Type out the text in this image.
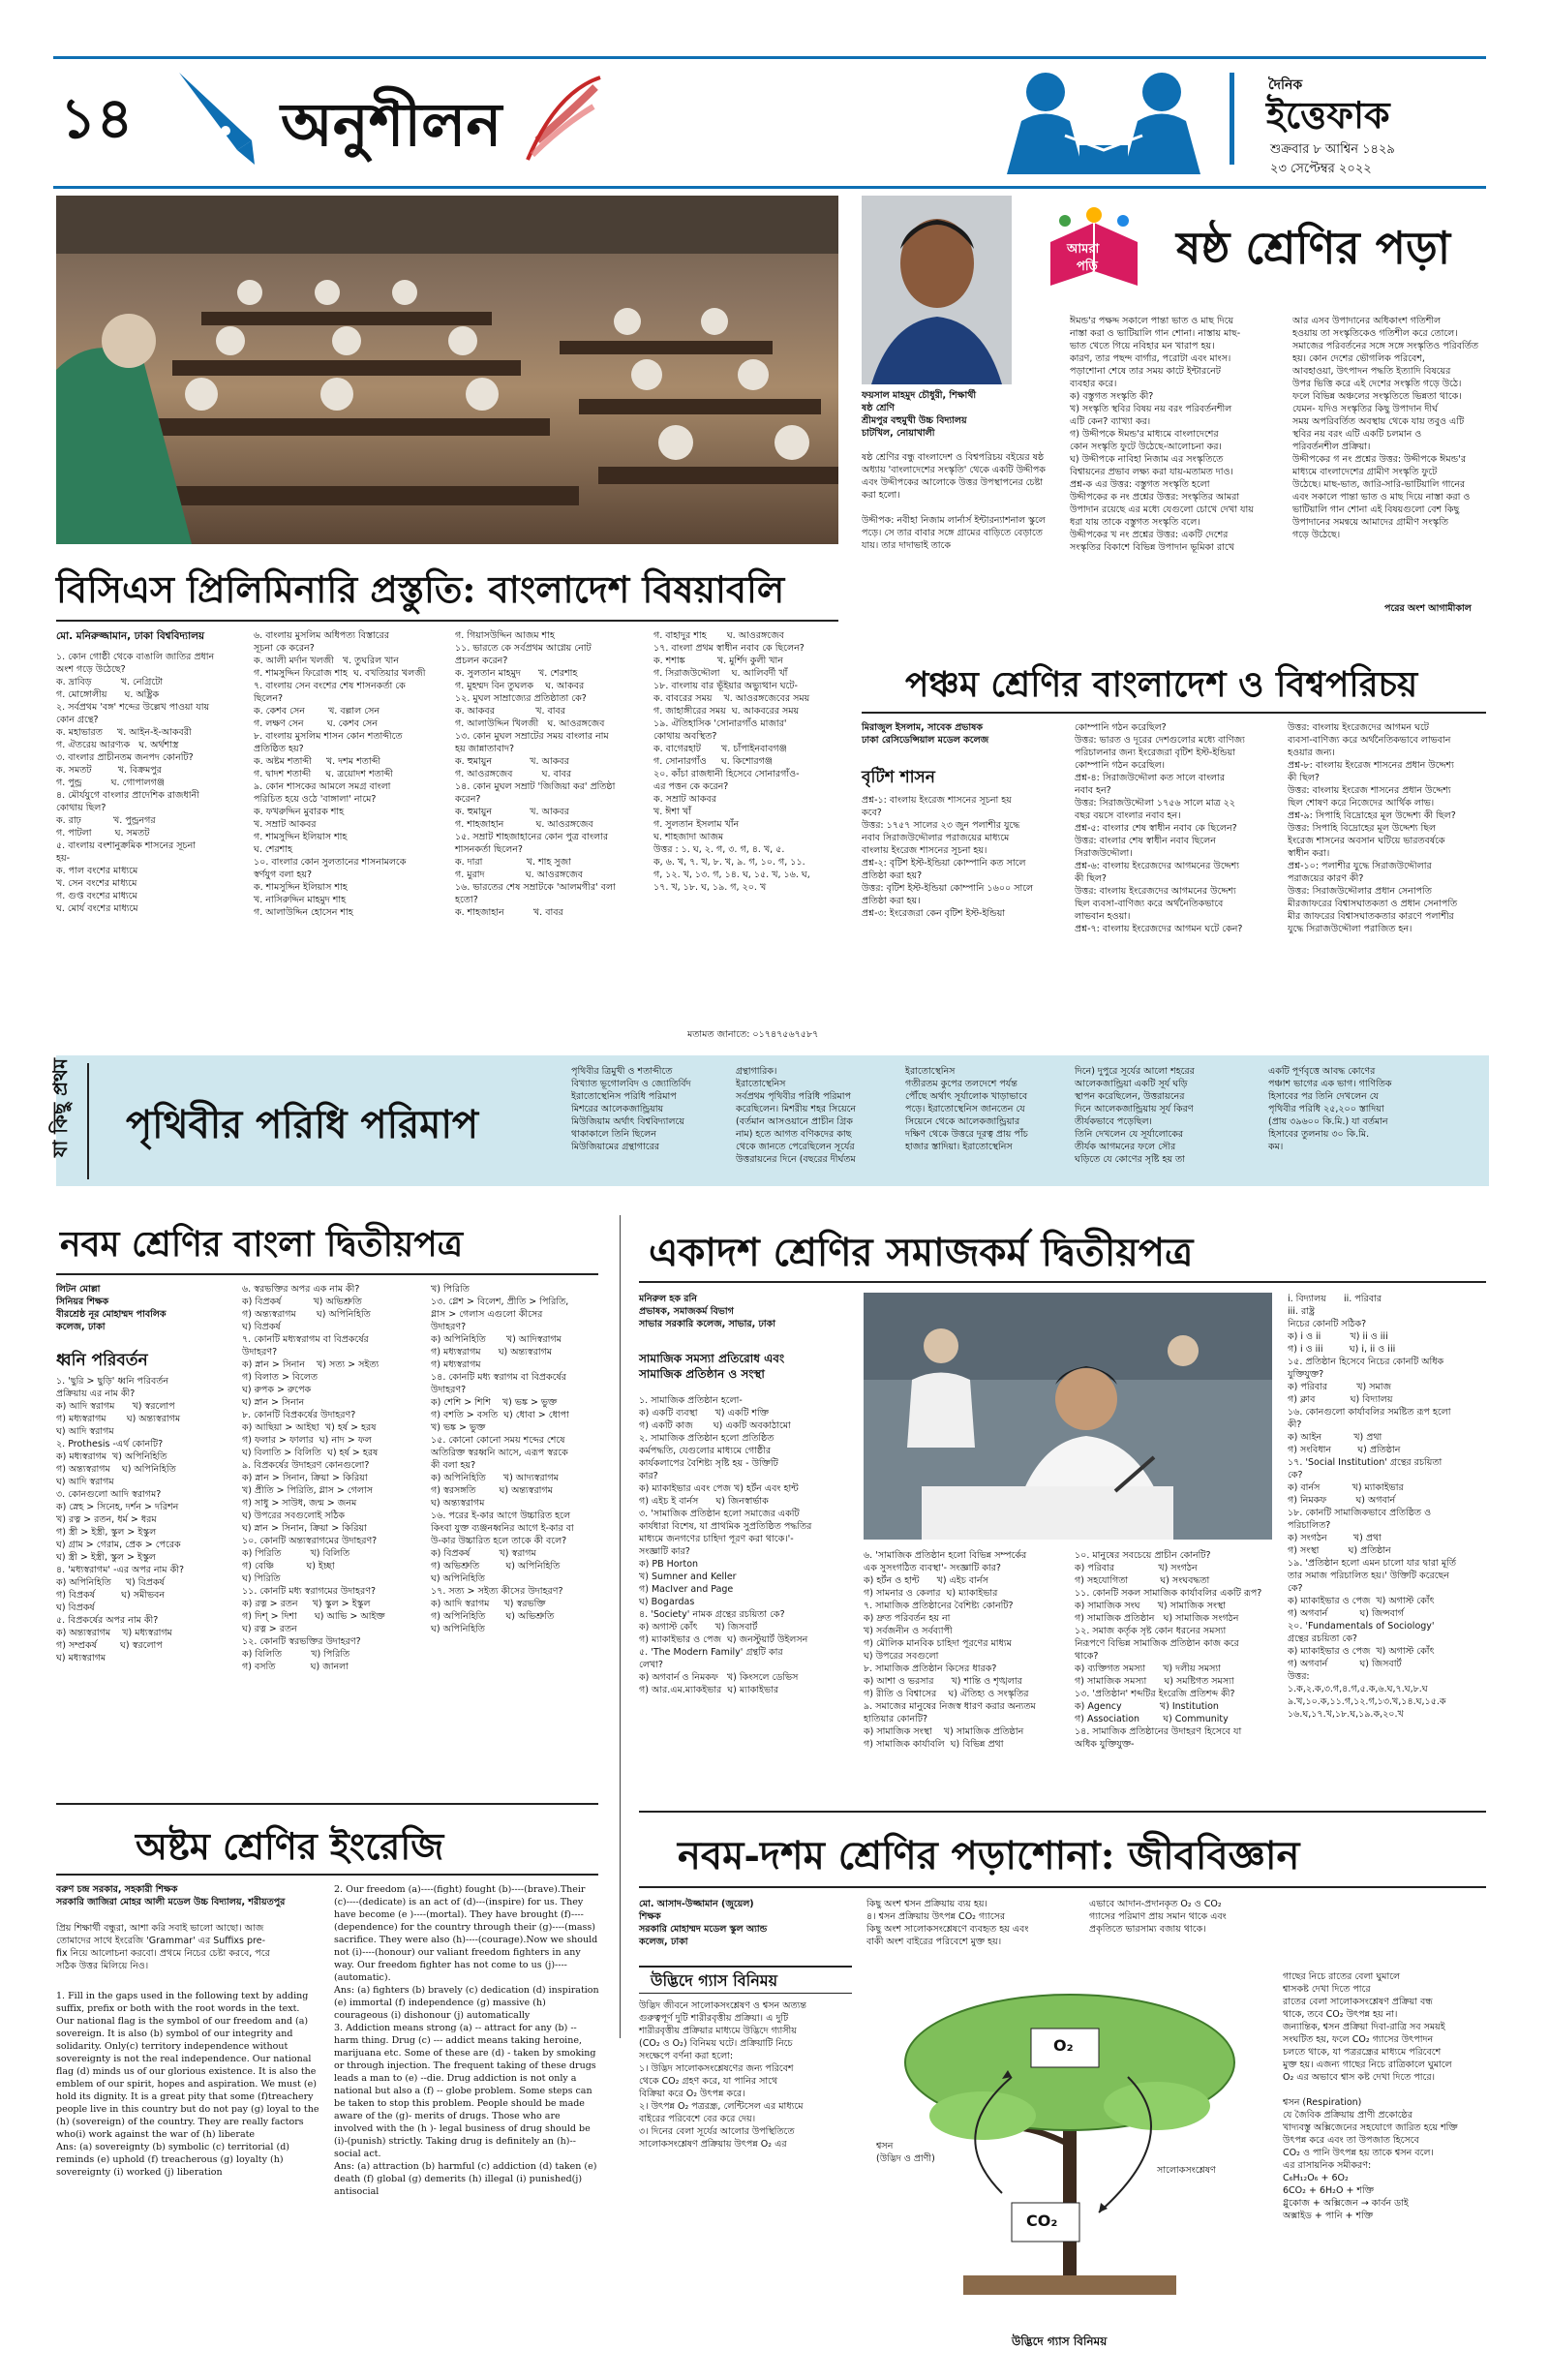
১৪ অনুশীলন
দৈনিক
ইত্তেফাক
শুক্রবার ৮ আশ্বিন ১৪২৯
২৩ সেপ্টেম্বর ২০২২
বিসিএস প্রিলিমিনারি প্রস্তুতি: বাংলাদেশ বিষয়াবলি
মো. মনিরুজ্জামান, ঢাকা বিশ্ববিদ্যালয়
১. কোন গোষ্ঠী থেকে বাঙালি জাতির প্রধান
অংশ গড়ে উঠেছে?
ক. দ্রাবিড়          খ. নেগ্রিটো
গ. মোঙ্গোলীয়      ঘ. অষ্ট্রিক
২. সর্বপ্রথম 'বঙ্গ' শব্দের উল্লেখ পাওয়া যায়
কোন গ্রন্থে?
ক. মহাভারত     খ. আইন-ই-আকবরী
গ. ঐতরেয় আরণ্যক   ঘ. অর্থশাস্ত্র
৩. বাংলার প্রাচীনতম জনপদ কোনটি?
ক. সমতট         খ. বিক্রমপুর
গ. পুন্ড্র          ঘ. গোপালগঞ্জ
৪. মৌর্যযুগে বাংলার প্রাদেশিক রাজধানী
কোথায় ছিল?
ক. রাঢ়           খ. পুন্ড্রনগর
গ. পাটলা        ঘ. সমতট
৫. বাংলায় বংশানুক্রমিক শাসনের সূচনা
হয়-
ক. পাল বংশের মাধ্যমে
খ. সেন বংশের মাধ্যমে
গ. গুপ্ত বংশের মাধ্যমে
ঘ. মোর্য বংশের মাধ্যমে
৬. বাংলায় মুসলিম অধিপত্য বিস্তারের
সূচনা কে করেন?
ক. আলী মর্দান খলজী   খ. তুঘরিল খান
গ. শামসুদ্দিন ফিরোজ শাহ  ঘ. বখতিয়ার খলজী
৭. বাংলায় সেন বংশের শেষ শাসনকর্তা কে
ছিলেন?
ক. কেশব সেন        খ. বল্লাল সেন
গ. লক্ষণ সেন        ঘ. কেশব সেন
৮. বাংলায় মুসলিম শাসন কোন শতাব্দীতে
প্রতিষ্ঠিত হয়?
ক. অষ্টম শতাব্দী     খ. দশম শতাব্দী
গ. দ্বাদশ শতাব্দী     ঘ. ত্রয়োদশ শতাব্দী
৯. কোন শাসকের আমলে সমগ্র বাংলা
পরিচিত হয়ে ওঠে 'বাঙ্গালা' নামে?
ক. ফখরুদ্দিন মুবারক শাহ
খ. সম্রাট আকবর
গ. শামসুদ্দিন ইলিয়াস শাহ
ঘ. শেরশাহ
১০. বাংলার কোন সুলতানের শাসনামলকে
স্বর্ণযুগ বলা হয়?
ক. শামসুদ্দিন ইলিয়াস শাহ
খ. নাসিরুদ্দিন মাহমুদ শাহ
গ. আলাউদ্দিন হোসেন শাহ
গ. গিয়াসউদ্দিন আজম শাহ
১১. ভারতে কে সর্বপ্রথম আগ্নেয় নোট
প্রচলন করেন?
ক. সুলতান মাহমুদ      খ. শেরশাহ
গ. মুহম্মদ বিন তুঘলক    ঘ. আকবর
১২. মুঘল সাম্রাজ্যের প্রতিষ্ঠাতা কে?
ক. আকবর              খ. বাবর
গ. আলাউদ্দিন খিলজী   ঘ. আওরঙ্গজেব
১৩. কোন মুঘল সম্রাটের সময় বাংলার নাম
হয় জান্নাতাবাদ?
ক. হুমায়ুন             খ. আকবর
গ. আওরঙ্গজেব          ঘ. বাবর
১৪. কোন মুঘল সম্রাট 'জিজিয়া কর' প্রতিষ্ঠা
করেন?
ক. হুমায়ুন             খ. আকবর
গ. শাহজাহান           ঘ. আওরঙ্গজেব
১৫. সম্রাট শাহজাহানের কোন পুত্র বাংলার
শাসনকর্তা ছিলেন?
ক. দারা               খ. শাহ সুজা
গ. মুরাদ              ঘ. আওরঙ্গজেব
১৬. ভারতের শেষ সম্রাটকে 'আলমগীর' বলা
হতো?
ক. শাহজাহান          খ. বাবর
গ. বাহাদুর শাহ       ঘ. আওরঙ্গজেব
১৭. বাংলা প্রথম স্বাধীন নবাব কে ছিলেন?
ক. শশাঙ্ক           খ. মুর্শিদ কুলী খান
গ. সিরাজউদ্দৌলা    ঘ. আলিবর্দী খাঁ
১৮. বাংলায় বার ভূঁইয়ার অভ্যুত্থান ঘটে-
ক. বাবরের সময়    খ. আওরঙ্গজেবের সময়
গ. জাহাঙ্গীরের সময়  ঘ. আকবরের সময়
১৯. ঐতিহাসিক 'সোনারগাঁও মাজার'
কোথায় অবস্থিত?
ক. বাগেরহাট       খ. চাঁপাইনবাবগঞ্জ
গ. সোনারগাঁও     ঘ. কিশোরগঞ্জ
২০. কাঁচা রাজধানী হিসেবে সোনারগাঁও-
এর পত্তন কে করেন?
ক. সম্রাট আকবর
খ. ঈশা খাঁ
গ. সুলতান ইসলাম খাঁন
ঘ. শাহজাদা আজম
উত্তর : ১. ঘ, ২. গ, ৩. গ, ৪. খ, ৫.
ক, ৬. খ, ৭. খ, ৮. খ, ৯. গ, ১০. গ, ১১.
গ, ১২. খ, ১৩. গ, ১৪. ঘ, ১৫. খ, ১৬. ঘ,
১৭. খ, ১৮. ঘ, ১৯. গ, ২০. খ
মতামত জানাতে: ০১৭৪৭৫৬৭৫৮৭
ফয়সাল মাহমুদ চৌধুরী, শিক্ষার্থী
ষষ্ঠ শ্রেণি
শ্রীমপুর বহুমুখী উচ্চ বিদ্যালয়
চাটখিল, নোয়াখালী
ষষ্ঠ শ্রেণির বন্ধু বাংলাদেশ ও বিশ্বপরিচয় বইয়ের ষষ্ঠ অধ্যায় 'বাংলাদেশের সংস্কৃতি' থেকে একটি উদ্দীপক এবং উদ্দীপকের আলোকে উত্তর উপস্থাপনের চেষ্টা করা হলো।

উদ্দীপক: নবীহা নিজাম লার্নার্স ইন্টারন্যাশনাল স্কুলে পড়ে। সে তার বাবার সঙ্গে গ্রামের বাড়িতে বেড়াতে যায়। তার দাদাভাই তাকে
আমরা
পড়ি ষষ্ঠ শ্রেণির পড়া
ঈমন্ড'র পক্ষদ্দ সকালে পান্তা ভাত ও মাছ দিয়ে
নাস্তা করা ও ভাটিয়ালি গান শোনা। নাস্তায় মাছ-
ভাত খেতে গিয়ে নবিহার মন খারাপ হয়।
কারণ, তার পছন্দ বার্গার, পরোটা এবং মাংস।
পড়াশোনা শেষে তার সময় কাটে ইন্টারনেট
ব্যবহার করে।
ক) বস্তুগত সংস্কৃতি কী?
খ) সংস্কৃতি স্থবির বিষয় নয় বরং পরিবর্তনশীল
এটি কেন? ব্যাখ্যা কর।
গ) উদ্দীপকে ঈমন্ড'র মাধ্যমে বাংলাদেশের
কোন সংস্কৃতি ফুটে উঠেছে-আলোচনা কর।
ঘ) উদ্দীপকে নাবিহা নিজাম এর সংস্কৃতিতে
বিশ্বায়নের প্রভাব লক্ষ্য করা যায়-মতামত দাও।
প্রশ্ন-ক এর উত্তর: বস্তুগত সংস্কৃতি হলো
উদ্দীপকের ক নং প্রশ্নের উত্তর: সংস্কৃতির আমরা
উপাদান রয়েছে এর মধ্যে যেগুলো চোখে দেখা যায়
ধরা যায় তাকে বস্তুগত সংস্কৃতি বলে।
উদ্দীপকের খ নং প্রশ্নের উত্তর: একটি দেশের
সংস্কৃতির বিকাশে বিভিন্ন উপাদান ভূমিকা রাখে
আর এসব উপাদানের অধিকাংশ গতিশীল
হওয়ায় তা সংস্কৃতিকেও গতিশীল করে তোলে।
সমাজের পরিবর্তনের সঙ্গে সঙ্গে সংস্কৃতিও পরিবর্তিত
হয়। কোন দেশের ভৌগলিক পরিবেশ,
আবহাওয়া, উৎপাদন পদ্ধতি ইত্যাদি বিষয়ের
উপর ভিত্তি করে এই দেশের সংস্কৃতি গড়ে উঠে।
ফলে বিভিন্ন অঞ্চলের সংস্কৃতিতে ভিন্নতা থাকে।
যেমন- যদিও সংস্কৃতির কিছু উপাদান দীর্ঘ
সময় অপরিবর্তিত অবস্থায় থেকে যায় তবুও এটি
স্থবির নয় বরং এটি একটি চলমান ও
পরিবর্তনশীল প্রক্রিয়া।
উদ্দীপকের গ নং প্রশ্নের উত্তর: উদ্দীপকে ঈমন্ড'র
মাধ্যমে বাংলাদেশের গ্রামীণ সংস্কৃতি ফুটে
উঠেছে। মাছ-ভাত, জারি-সারি-ভাটিয়ালি গানের
এবং সকালে পান্তা ভাত ও মাছ দিয়ে নাস্তা করা ও
ভাটিয়ালি গান শোনা এই বিষয়গুলো বেশ কিছু
উপাদানের সমন্বয়ে আমাদের গ্রামীণ সংস্কৃতি
গড়ে উঠেছে।
পরের অংশ আগামীকাল
পঞ্চম শ্রেণির বাংলাদেশ ও বিশ্বপরিচয়
মিরাজুল ইসলাম, সাবেক প্রভাষক
ঢাকা রেসিডেন্সিয়াল মডেল কলেজ
বৃটিশ শাসন
প্রশ্ন-১: বাংলায় ইংরেজ শাসনের সূচনা হয়
কবে?
উত্তর: ১৭৫৭ সালের ২৩ জুন পলাশীর যুদ্ধে
নবাব সিরাজউদ্দৌলার পরাজয়ের মাধ্যমে
বাংলায় ইংরেজ শাসনের সূচনা হয়।
প্রশ্ন-২: বৃটিশ ইস্ট-ইন্ডিয়া কোম্পানি কত সালে
প্রতিষ্ঠা করা হয়?
উত্তর: বৃটিশ ইস্ট-ইন্ডিয়া কোম্পানি ১৬০০ সালে
প্রতিষ্ঠা করা হয়।
প্রশ্ন-৩: ইংরেজরা কেন বৃটিশ ইস্ট-ইন্ডিয়া
কোম্পানি গঠন করেছিল?
উত্তর: ভারত ও দূরের দেশগুলোর মধ্যে বাণিজ্য
পরিচালনার জন্য ইংরেজরা বৃটিশ ইস্ট-ইন্ডিয়া
কোম্পানি গঠন করেছিল।
প্রশ্ন-৪: সিরাজউদ্দৌলা কত সালে বাংলার
নবাব হন?
উত্তর: সিরাজউদ্দৌলা ১৭৫৬ সালে মাত্র ২২
বছর বয়সে বাংলার নবাব হন।
প্রশ্ন-৫: বাংলার শেষ স্বাধীন নবাব কে ছিলেন?
উত্তর: বাংলার শেষ স্বাধীন নবাব ছিলেন
সিরাজউদ্দৌলা।
প্রশ্ন-৬: বাংলায় ইংরেজদের আগমনের উদ্দেশ্য
কী ছিল?
উত্তর: বাংলায় ইংরেজদের আগমনের উদ্দেশ্য
ছিল ব্যবসা-বাণিজ্য করে অর্থনৈতিকভাবে
লাভবান হওয়া।
প্রশ্ন-৭: বাংলায় ইংরেজদের আগমন ঘটে কেন?
উত্তর: বাংলায় ইংরেজদের আগমন ঘটে
ব্যবসা-বাণিজ্য করে অর্থনৈতিকভাবে লাভবান
হওয়ার জন্য।
প্রশ্ন-৮: বাংলায় ইংরেজ শাসনের প্রধান উদ্দেশ্য
কী ছিল?
উত্তর: বাংলায় ইংরেজ শাসনের প্রধান উদ্দেশ্য
ছিল শোষণ করে নিজেদের আর্থিক লাভ।
প্রশ্ন-৯: সিপাহি বিদ্রোহের মূল উদ্দেশ্য কী ছিল?
উত্তর: সিপাহি বিদ্রোহের মূল উদ্দেশ্য ছিল
ইংরেজ শাসনের অবসান ঘটিয়ে ভারতবর্ষকে
স্বাধীন করা।
প্রশ্ন-১০: পলাশীর যুদ্ধে সিরাজউদ্দৌলার
পরাজয়ের কারণ কী?
উত্তর: সিরাজউদ্দৌলার প্রধান সেনাপতি
মীরজাফরের বিশ্বাসঘাতকতা ও প্রধান সেনাপতি
মীর জাফরের বিশ্বাসঘাতকতার কারণে পলাশীর
যুদ্ধে সিরাজউদ্দৌলা পরাজিত হন।
যা কিছু প্রথম পৃথিবীর পরিধি পরিমাপ
পৃথিবীর ত্রিমুখী ও শতাব্দীতে
বিখ্যাত ভূগোলবিদ ও জ্যোতির্বিদ
ইরাতোস্থেনিস পরিধি পরিমাপ
মিশরের আলেকজান্ড্রিয়ায়
মিউজিয়াম অর্থাৎ বিশ্ববিদ্যালয়ে
থাকাকালে তিনি ছিলেন
মিউজিয়ামের গ্রন্থাগারের
গ্রন্থাগারিক।
ইরাতোস্থেনিস
সর্বপ্রথম পৃথিবীর পরিধি পরিমাপ
করেছিলেন। মিশরীয় শহর সিয়েনে
(বর্তমান আসওয়ানে প্রাচীন গ্রিক
নাম) হতে আগত বণিকদের কাছ
থেকে জানতে পেরেছিলেন সূর্যের
উত্তরায়নের দিনে (বছরের দীর্ঘতম
ইরাতোস্থেনিস
গতীরতম কুপের তলদেশে পর্যন্ত
পৌঁছে অর্থাৎ সূর্যালোক খাড়াভাবে
পড়ে। ইরাতোস্থেনিস জানতেন যে
সিয়েনে থেকে আলেকজান্ড্রিয়ার
দক্ষিণ থেকে উত্তরে দূরত্ব প্রায় পাঁচ
হাজার স্তাদিয়া। ইরাতোস্থেনিস
দিনে) দুপুরে সূর্যের আলো শহরের
আলেকজান্ড্রিয়া একটি সূর্য ঘড়ি
স্থাপন করেছিলেন, উত্তরায়নের
দিনে আলেকজান্ড্রিয়ায় সূর্য কিরণ
তীর্যকভাবে পড়েছিল।
তিনি দেখলেন যে সূর্যালোকের
তীর্যক আগমনের ফলে সৌর
ঘড়িতে যে কোণের সৃষ্টি হয় তা
একটি পূর্ণবৃত্তে আবদ্ধ কোণের
পঞ্চাশ ভাগের এক ভাগ। গাণিতিক
হিসাবের পর তিনি দেখলেন যে
পৃথিবীর পরিধি ২৫,২০০ স্তাদিয়া
(প্রায় ৩৯৬০০ কি.মি.) যা বর্তমান
হিসাবের তুলনায় ৩০ কি.মি.
কম।
নবম শ্রেণির বাংলা দ্বিতীয়পত্র
লিটন মোল্লা
সিনিয়র শিক্ষক
বীরশ্রেষ্ঠ নূর মোহাম্মদ পাবলিক
কলেজ, ঢাকা
ধ্বনি পরিবর্তন
১. 'ছুরি > ছুড়ি' ধ্বনি পরিবর্তন
প্রক্রিয়ায় এর নাম কী?
ক) আদি স্বরাগম      খ) স্বরলোপ
গ) মধ্যস্বরাগম       ঘ) অন্ত্যস্বরাগম
ঘ) আদি স্বরাগম
২. Prothesis -এর্থ কোনটি?
ক) মধ্যস্বরাগম  খ) অপিনিহিতি
গ) অন্ত্যস্বরাগম    ঘ) অপিনিহিতি
ঘ) আদি স্বরাগম
৩. কোনগুলো আদি স্বরাগম?
ক) স্নেহ > সিনেহ, দর্শন > দরিশন
খ) রত্ন > রতন, ধর্ম > ধরম
গ) স্ত্রী > ইস্ত্রী, স্কুল > ইস্কুল
ঘ) গ্রাম > গেরাম, প্রেক > পেরেক
ঘ) স্ত্রী > ইস্ত্রী, স্কুল > ইস্কুল
৪. 'মধ্যস্বরাগম' -এর অপর নাম কী?
ক) অপিনিহিতি     খ) বিপ্রকর্ষ
গ) বিপ্রকর্ষ         ঘ) সমীভবন
ঘ) বিপ্রকর্ষ
৫. বিপ্রকর্ষের অপর নাম কী?
ক) অন্ত্যস্বরাগম    খ) মধ্যস্বরাগম
গ) সম্প্রকর্ষ        ঘ) স্বরলোপ
ঘ) মধ্যস্বরাগম
৬. স্বরভক্তির অপর এক নাম কী?
ক) বিপ্রকর্ষ           খ) অভিশ্রুতি
গ) অন্ত্যস্বরাগম       ঘ) অপিনিহিতি
ঘ) বিপ্রকর্ষ
৭. কোনটি মধ্যস্বরাগম বা বিপ্রকর্ষের
উদাহরণ?
ক) স্নান > সিনান    খ) সত্য > সইত্য
গ) বিলাত > বিলেত
ঘ) রুপক > রুপেক
ঘ) স্নান > সিনান
৮. কোনটি বিপ্রকর্ষের উদাহরণ?
ক) আছিয়া > আইছা  খ) হর্ষ > হরষ
গ) ফলার > ফালার  ঘ) নাদ > ফল
ঘ) বিলাতি > বিলিতি  ঘ) হর্ষ > হরষ
৯. বিপ্রকর্ষের উদাহরণ কোনগুলো?
ক) স্নান > সিনান, ক্রিয়া > কিরিয়া
খ) প্রীতি > পিরিতি, গ্লাস > গেলাস
গ) সাধু > সাউধ, জন্ম > জনম
ঘ) উপরের সবগুলোই সঠিক
ঘ) স্নান > সিনান, ক্রিয়া > কিরিয়া
১০. কোনটি অন্ত্যস্বরাগমের উদাহরণ?
ক) পিরিতি          খ) বিলিতি
গ) বেঞ্চি           ঘ) ইচ্ছা
ঘ) পিরিতি
১১. কোনটি মধ্য স্বরাগমের উদাহরণ?
ক) রত্ন > রতন     খ) স্কুল > ইস্কুল
গ) দিশ্ > দিশা      ঘ) আভি > আইক্ত
ঘ) রত্ন > রতন
১২. কোনটি স্বরভক্তির উদাহরণ?
ক) বিলিতি          খ) পিরিতি
গ) বসতি            ঘ) জানলা
খ) পিরিতি
১৩. গ্লেশ > বিলেশ, প্রীতি > পিরিতি,
গ্লাস > গেলাস এগুলো কীসের
উদাহরণ?
ক) অপিনিহিতি       খ) আদিস্বরাগম
গ) মধ্যস্বরাগম      ঘ) অন্ত্যস্বরাগম
গ) মধ্যস্বরাগম
১৪. কোনটি মধ্য স্বরাগম বা বিপ্রকর্ষের
উদাহরণ?
ক) শেশি > শিশি    খ) ভঙ্ক > ভুক্ত
গ) বশতি > বসতি  ঘ) ধোবা > ধোপা
খ) ভঙ্ক > ভুক্ত
১৫. কোনো কোনো সময় শব্দের শেষে
অতিরিক্ত স্বরধ্বনি আসে, এরূপ স্বরকে
কী বলা হয়?
ক) অপিনিহিতি      খ) আদ্যস্বরাগম
গ) স্বরসঙ্গতি        ঘ) অন্ত্যস্বরাগম
ঘ) অন্ত্যস্বরাগম
১৬. পরের ই-কার আগে উচ্চারিত হলে
কিংবা যুক্ত ব্যঞ্জনধ্বনির আগে ই-কার বা
উ-কার উচ্চারিত হলে তাকে কী বলে?
ক) বিপ্রকর্ষ          খ) স্বরাগম
গ) অভিশ্রুতি         ঘ) অপিনিহিতি
ঘ) অপিনিহিতি
১৭. সত্য > সইত্য কীসের উদাহরণ?
ক) আদি স্বরাগম     খ) স্বরভক্তি
গ) অপিনিহিতি       ঘ) অভিশ্রুতি
ঘ) অপিনিহিতি
একাদশ শ্রেণির সমাজকর্ম দ্বিতীয়পত্র
মনিরুল হক রনি
প্রভাষক, সমাজকর্ম বিভাগ
সাভার সরকারি কলেজ, সাভার, ঢাকা
সামাজিক সমস্যা প্রতিরোধ এবং
সামাজিক প্রতিষ্ঠান ও সংস্থা
১. সামাজিক প্রতিষ্ঠান হলো-
ক) একটি ব্যবস্থা      খ) একটি শক্তি
গ) একটি কাজ       ঘ) একটি অবকাঠামো
২. সামাজিক প্রতিষ্ঠান হলো প্রতিষ্ঠিত
কর্মপদ্ধতি, যেগুলোর মাধ্যমে গোষ্ঠীর
কার্যকলাপের বৈশিষ্ট্য সৃষ্টি হয় - উক্তিটি
কার?
ক) ম্যাকাইভার এবং পেজ খ) হর্টন এবং হান্ট
গ) এইচ ই বার্নস      ঘ) জিনস্বার্ভাক
৩. 'সামাজিক প্রতিষ্ঠান হলো সমাজের একটি
কার্যধারা বিশেষ, যা প্রাথমিক সুপ্রতিষ্ঠিত পদ্ধতির
মাধ্যমে জনগণের চাহিদা পূরণ করা থাকে।'-
সংজ্ঞাটি কার?
ক) PB Horton
খ) Sumner and Keller
গ) MacIver and Page
ঘ) Bogardas
৪. 'Society' নামক গ্রন্থের রচয়িতা কে?
ক) অগাস্ট কোঁৎ      খ) জিসবার্ট
গ) ম্যাকাইভার ও পেজ  ঘ) জনস্টুয়ার্ট উইলসন
৫. 'The Modern Family' গ্রন্থটি কার
লেখা?
ক) অগবার্ন ও নিমকফ   খ) কিংসলে ডেভিস
গ) আর.এম.ম্যাকইভার  ঘ) ম্যাকাইভার
৬. 'সামাজিক প্রতিষ্ঠান হলো বিভিন্ন সম্পর্কের
এক সুসংগঠিত ব্যবস্থা'- সংজ্ঞাটি কার?
ক) হর্টন ও হান্ট      খ) এইচ বার্নস
গ) সামনার ও কেলার  ঘ) ম্যাকাইভার
৭. সামাজিক প্রতিষ্ঠানের বৈশিষ্ট্য কোনটি?
ক) দ্রুত পরিবর্তন হয় না
খ) সর্বজনীন ও সর্বব্যাপী
গ) মৌলিক মানবিক চাহিদা পূরণের মাধ্যম
ঘ) উপরের সবগুলো
৮. সামাজিক প্রতিষ্ঠান কিসের ধারক?
ক) আশা ও ভরসার      খ) শান্তি ও শৃঙ্খলার
গ) রীতি ও বিশ্বাসের    ঘ) ঐতিহ্য ও সংস্কৃতির
৯. সমাজের মানুষের নিজস্ব ধারণ করার অন্যতম
হাতিয়ার কোনটি?
ক) সামাজিক সংস্থা    খ) সামাজিক প্রতিষ্ঠান
গ) সামাজিক কার্যাবলি  ঘ) বিভিন্ন প্রথা
১০. মানুষের সবচেয়ে প্রাচীন কোনটি?
ক) পরিবার               খ) সংগঠন
গ) সহযোগিতা           ঘ) সংঘবদ্ধতা
১১. কোনটি সকল সামাজিক কার্যাবলির একটি রূপ?
ক) সামাজিক সংঘ      খ) সামাজিক সংস্থা
গ) সামাজিক প্রতিষ্ঠান   ঘ) সামাজিক সংগঠন
১২. সমাজ কর্তৃক সৃষ্ট কোন ধরনের সমস্যা
নিরূপণে বিভিন্ন সামাজিক প্রতিষ্ঠান কাজ করে
থাকে?
ক) ব্যক্তিগত সমস্যা      খ) দলীয় সমস্যা
গ) সামাজিক সমস্যা      ঘ) সমষ্টিগত সমস্যা
১৩. 'প্রতিষ্ঠান' শব্দটির ইংরেজি প্রতিশব্দ কী?
ক) Agency             খ) Institution
গ) Association        ঘ) Community
১৪. সামাজিক প্রতিষ্ঠানের উদাহরণ হিসেবে যা
অধিক যুক্তিযুক্ত-
i. বিদ্যালয়      ii. পরিবার
iii. রাষ্ট্র
নিচের কোনটি সঠিক?
ক) i ও ii          খ) ii ও iii
গ) i ও iii         ঘ) i, ii ও iii
১৫. প্রতিষ্ঠান হিসেবে নিচের কোনটি অধিক
যুক্তিযুক্ত?
ক) পরিবার          খ) সমাজ
গ) ক্লাব            ঘ) বিদ্যালয়
১৬. কোনগুলো কার্যাবলির সমষ্টিত রূপ হলো
কী?
ক) আইন           খ) প্রথা
গ) সংবিধান         ঘ) প্রতিষ্ঠান
১৭. 'Social Institution' গ্রন্থের রচয়িতা
কে?
ক) বার্নস           খ) ম্যাকাইভার
গ) নিমকফ          ঘ) অগবার্ন
১৮. কোনটি সামাজিকভাবে প্রতিষ্ঠিত ও
পরিচালিত?
ক) সংগঠন         খ) প্রথা
গ) সংস্থা          ঘ) প্রতিষ্ঠান
১৯. 'প্রতিষ্ঠান হলো এমন চালো যার দ্বারা মূর্তি
তার সমাজ পরিচালিত হয়।' উক্তিটি করেছেন
কে?
ক) ম্যাকাইভার ও পেজ  খ) অগাস্ট কোঁৎ
গ) অগবার্ন           ঘ) জিন্সবার্গ
২০. 'Fundamentals of Sociology'
গ্রন্থের রচয়িতা কে?
ক) ম্যাকাইভার ও পেজ  খ) অগাস্ট কোঁৎ
গ) অগবার্ন           ঘ) জিসবার্ট
উত্তর:
১.ক,২.ক,৩.গ,৪.গ,৫.ক,৬.ঘ,৭.ঘ,৮.ঘ
৯.খ,১০.ক,১১.গ,১২.গ,১৩.খ,১৪.ঘ,১৫.ক
১৬.ঘ,১৭.খ,১৮.ঘ,১৯.ক,২০.খ
অষ্টম শ্রেণির ইংরেজি
বরুণ চন্দ্র সরকার, সহকারী শিক্ষক
সরকারি জাজিরা মোহর আলী মডেল উচ্চ বিদ্যালয়, শরীয়তপুর
প্রিয় শিক্ষার্থী বন্ধুরা, আশা করি সবাই ভালো আছো। আজ
তোমাদের সাথে ইংরেজি 'Grammar' এর Suffixs pre-
fix নিয়ে আলোচনা করবো। প্রথমে নিচের চেষ্টা করবে, পরে
সঠিক উত্তর মিলিয়ে নিও।
1. Fill in the gaps used in the following text by adding suffix, prefix or both with the root words in the text.
Our national flag is the symbol of our freedom and (a) sovereign. It is also (b) symbol of our integrity and solidarity. Only(c) territory independence without sovereignty is not the real independence. Our national flag (d) minds us of our glorious existence. It is also the emblem of our spirit, hopes and aspiration. We must (e) hold its dignity. It is a great pity that some (f)treachery people live in this country but do not pay (g) loyal to the (h) (sovereign) of the country. They are really factors who(i) work against the war of (h) liberate
Ans: (a) sovereignty (b) symbolic (c) territorial (d) reminds (e) uphold (f) treacherous (g) loyalty (h) sovereignty (i) worked (j) liberation
2. Our freedom (a)----(fight) fought (b)----(brave).Their (c)----(dedicate) is an act of (d)---(inspire) for us. They have become (e )----(mortal). They have brought (f)----(dependence) for the country through their (g)----(mass) sacrifice. They were also (h)----(courage).Now we should not (i)----(honour) our valiant freedom fighters in any way. Our freedom fighter has not come to us (j)----(automatic).
Ans: (a) fighters (b) bravely (c) dedication (d) inspiration (e) immortal (f) independence (g) massive (h) courageous (i) dishonour (j) automatically
3. Addiction means strong (a) -- attract for any (b) -- harm thing. Drug (c) --- addict means taking heroine, marijuana etc. Some of these are (d) - taken by smoking or through injection. The frequent taking of these drugs leads a man to (e) --die. Drug addiction is not only a national but also a (f) -- globe problem. Some steps can be taken to stop this problem. People should be made aware of the (g)- merits of drugs. Those who are involved with the (h )- legal business of drug should be (i)-(punish) strictly. Taking drug is definitely an (h)-- social act.
Ans: (a) attraction (b) harmful (c) addiction (d) taken (e) death (f) global (g) demerits (h) illegal (i) punished(j) antisocial
নবম-দশম শ্রেণির পড়াশোনা: জীববিজ্ঞান
মো. আসাদ-উজ্জামান (জুয়েল)
শিক্ষক
সরকারি মোহাম্মদ মডেল স্কুল অ্যান্ড
কলেজ, ঢাকা
উদ্ভিদে গ্যাস বিনিময়
উদ্ভিদ জীবনে সালোকসংশ্লেষণ ও শ্বসন অত্যন্ত
গুরুত্বপূর্ণ দুটি শারীরবৃত্তীয় প্রক্রিয়া। এ দুটি
শারীরবৃত্তীয় প্রক্রিয়ার মাধ্যমে উদ্ভিদে গ্যাসীয়
(CO₂ ও O₂) বিনিময় ঘটে। প্রক্রিয়াটি নিচে
সংক্ষেপে বর্ণনা করা হলো:
১। উদ্ভিদ সালোকসংশ্লেষণের জন্য পরিবেশ
থেকে CO₂ গ্রহণ করে, যা পানির সাথে
বিক্রিয়া করে O₂ উৎপন্ন করে।
২। উৎপন্ন O₂ পত্ররন্ধ্র, লেন্টিসেল এর মাধ্যমে
বাইরের পরিবেশে বের করে দেয়।
৩। দিনের বেলা সূর্যের আলোর উপস্থিতিতে
সালোকসংশ্লেষণ প্রক্রিয়ায় উৎপন্ন O₂ এর
কিছু অংশ শ্বসন প্রক্রিয়ায় ব্যয় হয়।
৪। শ্বসন প্রক্রিয়ায় উৎপন্ন CO₂ গ্যাসের
কিছু অংশ সালোকসংশ্লেষণে ব্যবহৃত হয় এবং
বাকী অংশ বাইরের পরিবেশে মুক্ত হয়।
এভাবে আদান-প্রদানকৃত O₂ ও CO₂
গ্যাসের পরিমাণ প্রায় সমান থাকে এবং
প্রকৃতিতে ভারসাম্য বজায় থাকে।
O₂
CO₂
শ্বসন
(উদ্ভিদ ও প্রাণী)
সালোকসংশ্লেষণ
উদ্ভিদে গ্যাস বিনিময়
গাছের নিচে রাতের বেলা ঘুমালে
শ্বাসকষ্ট দেখা দিতে পারে
রাতের বেলা সালোকসংশ্লেষণ প্রক্রিয়া বন্ধ
থাকে, তবে CO₂ উৎপন্ন হয় না।
জন্যান্তিক, শ্বসন প্রক্রিয়া দিবা-রাত্রি সব সময়ই
সংঘটিত হয়, ফলে CO₂ গ্যাসের উৎপাদন
চলতে থাকে, যা পত্ররন্ধ্রের মাধ্যমে পরিবেশে
মুক্ত হয়। এজন্য গাছের নিচে রাত্রিকালে ঘুমালে
O₂ এর অভাবে শ্বাস কষ্ট দেখা দিতে পারে।

শ্বসন (Respiration)
যে জৈবিক প্রক্রিয়ায় প্রাণী প্রকোষ্ঠের
খাদ্যবস্তু অক্সিজেনের সহযোগে জারিত হয়ে শক্তি
উৎপন্ন করে এবং তা উপজাত হিসেবে
CO₂ ও পানি উৎপন্ন হয় তাকে শ্বসন বলে।
এর রাসায়নিক সমীকরণ:
C₆H₁₂O₆ + 6O₂
6CO₂ + 6H₂O + শক্তি
গ্লুকোজ + অক্সিজেন → কার্বন ডাই
অক্সাইড + পানি + শক্তি
